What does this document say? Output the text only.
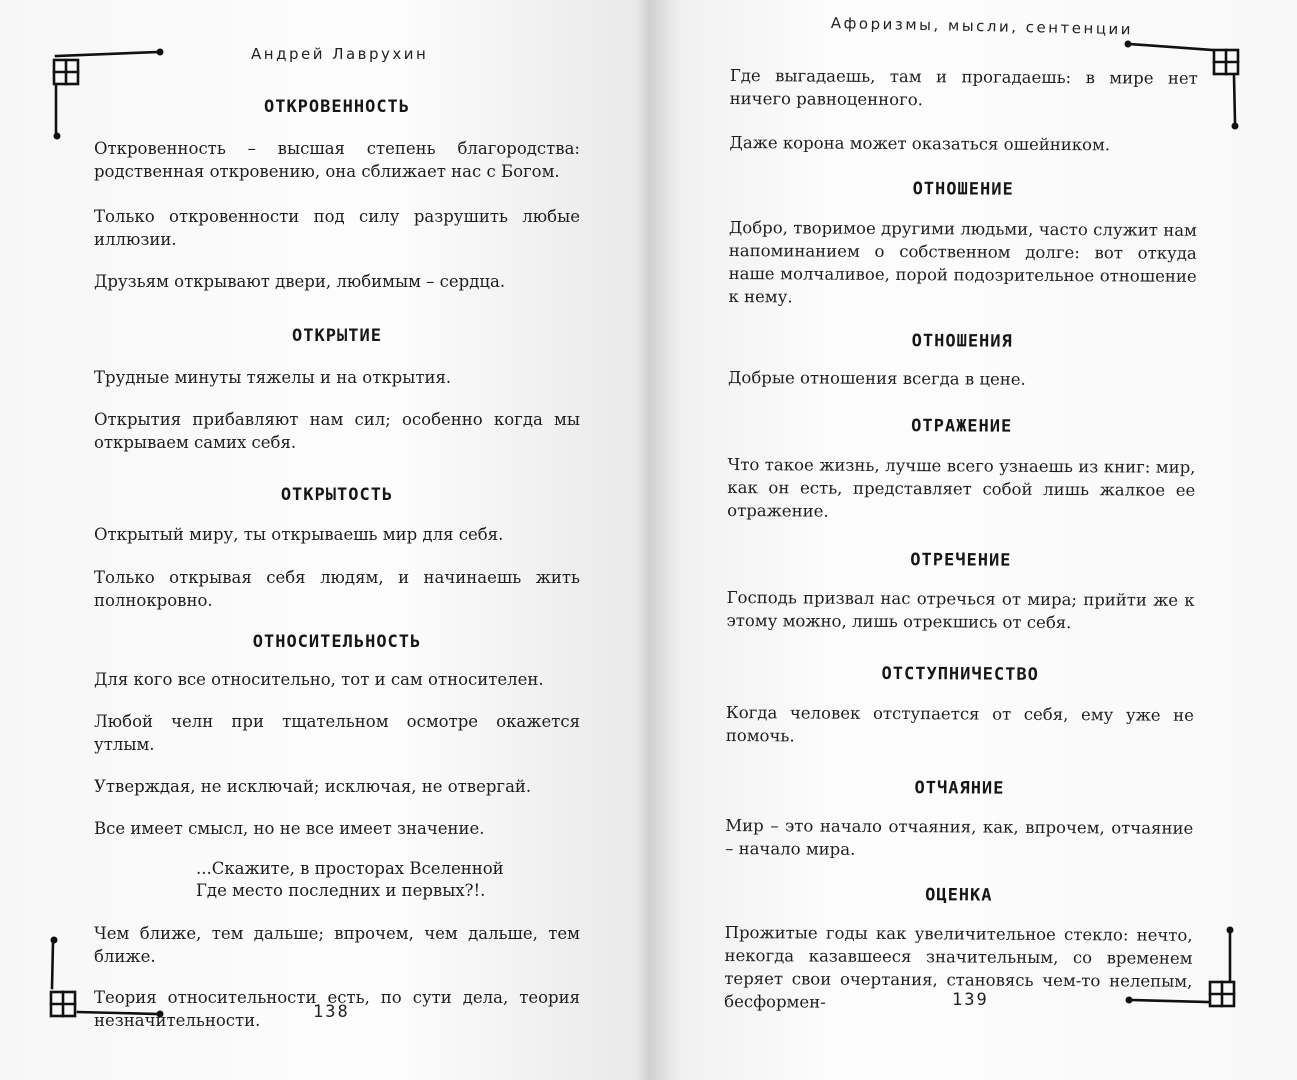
Андрей Лаврухин
ОТКРОВЕННОСТЬ

Откровенность – высшая степень благородства: родственная откровению, она сближает нас с Богом.

Только откровенности под силу разрушить любые иллюзии.

Друзьям открывают двери, любимым – сердца.

ОТКРЫТИЕ

Трудные минуты тяжелы и на открытия.

Открытия прибавляют нам сил; особенно когда мы открываем самих себя.

ОТКРЫТОСТЬ

Открытый миру, ты открываешь мир для себя.

Только открывая себя людям, и начинаешь жить полнокровно.

ОТНОСИТЕЛЬНОСТЬ

Для кого все относительно, тот и сам относителен.

Любой челн при тщательном осмотре окажется утлым.

Утверждая, не исключай; исключая, не отвергай.

Все имеет смысл, но не все имеет значение.

...Скажите, в просторах Вселенной
Где место последних и первых?!.

Чем ближе, тем дальше; впрочем, чем дальше, тем ближе.

Теория относительности есть, по сути дела, теория незначительности.	138
Афоризмы, мысли, сентенции

Где выгадаешь, там и прогадаешь: в мире нет ничего равноценного.

Даже корона может оказаться ошейником.

ОТНОШЕНИЕ

Добро, творимое другими людьми, часто служит нам напоминанием о собственном долге: вот откуда наше молчаливое, порой подозрительное отношение к нему.

ОТНОШЕНИЯ

Добрые отношения всегда в цене.

ОТРАЖЕНИЕ

Что такое жизнь, лучше всего узнаешь из книг: мир, как он есть, представляет собой лишь жалкое ее отражение.

ОТРЕЧЕНИЕ

Господь призвал нас отречься от мира; прийти же к этому можно, лишь отрекшись от себя.

ОТСТУПНИЧЕСТВО

Когда человек отступается от себя, ему уже не помочь.

ОТЧАЯНИЕ

Мир – это начало отчаяния, как, впрочем, отчаяние – начало мира.

ОЦЕНКА

Прожитые годы как увеличительное стекло: нечто, некогда казавшееся значительным, со временем теряет свои очертания, становясь чем-то нелепым, бесформен-	139
